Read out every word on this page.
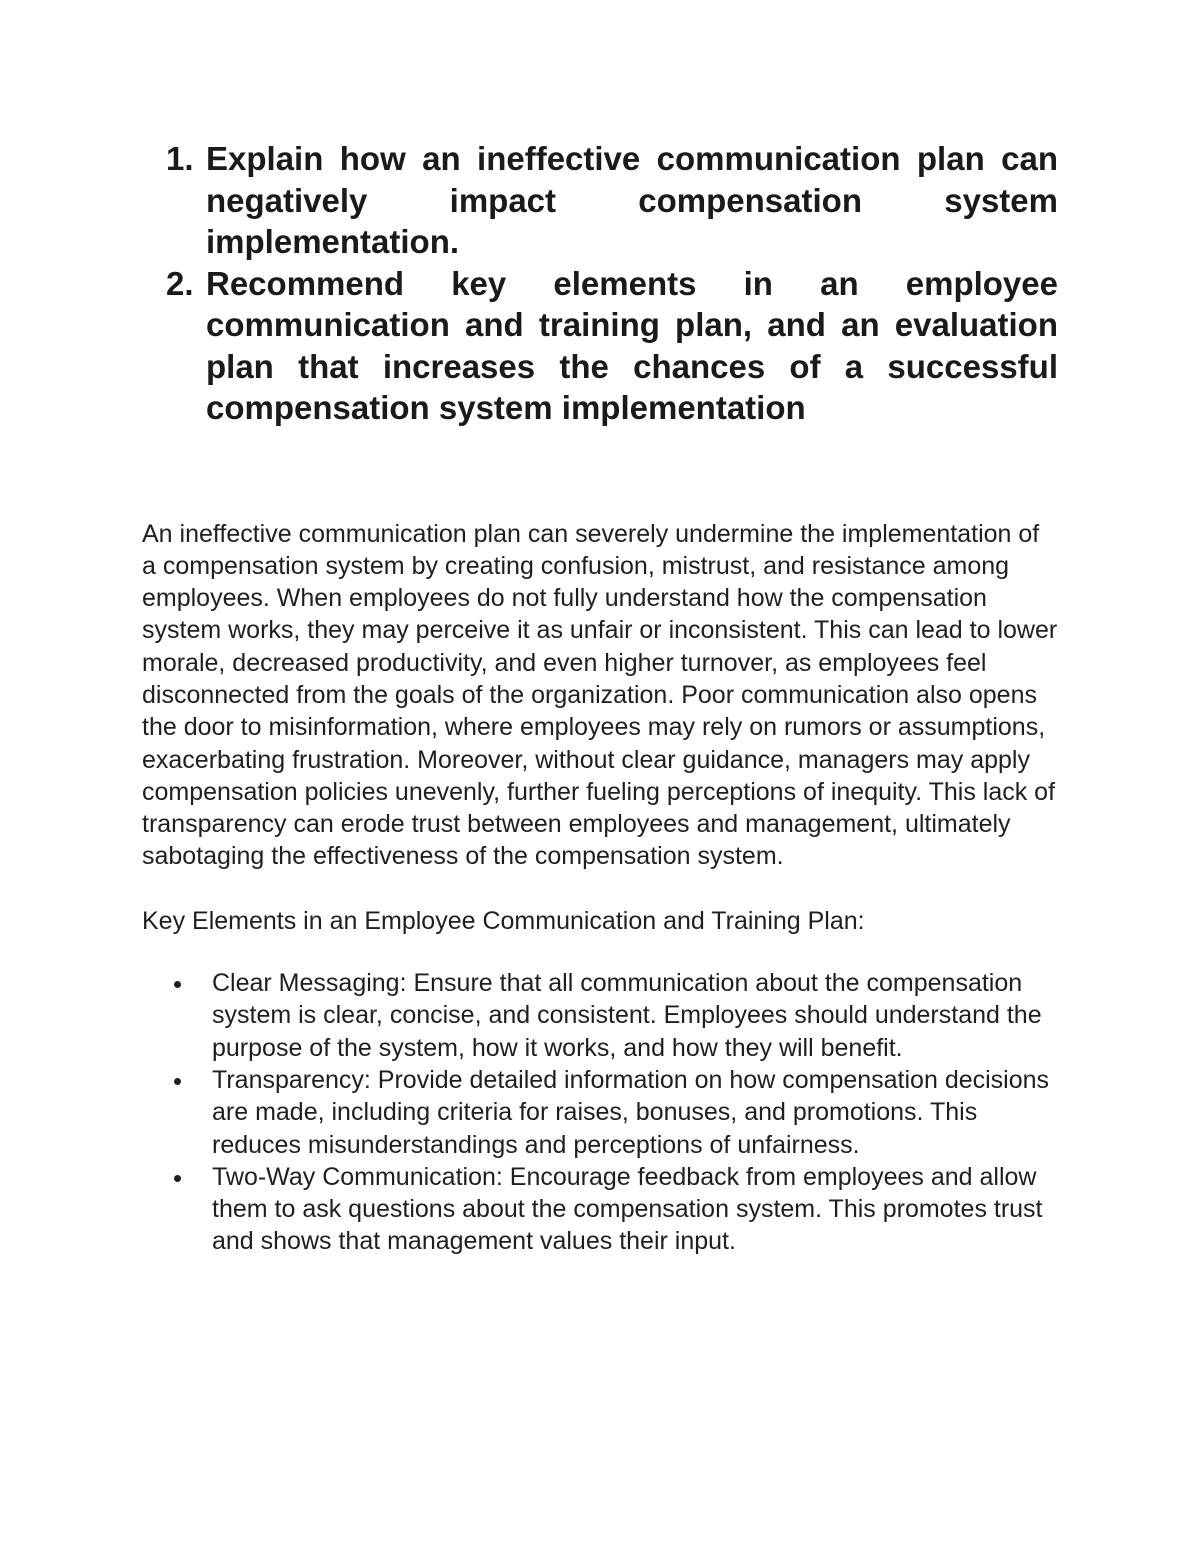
1. Explain how an ineffective communication plan can negatively impact compensation system implementation.
2. Recommend key elements in an employee communication and training plan, and an evaluation plan that increases the chances of a successful compensation system implementation

An ineffective communication plan can severely undermine the implementation of a compensation system by creating confusion, mistrust, and resistance among employees. When employees do not fully understand how the compensation system works, they may perceive it as unfair or inconsistent. This can lead to lower morale, decreased productivity, and even higher turnover, as employees feel disconnected from the goals of the organization. Poor communication also opens the door to misinformation, where employees may rely on rumors or assumptions, exacerbating frustration. Moreover, without clear guidance, managers may apply compensation policies unevenly, further fueling perceptions of inequity. This lack of transparency can erode trust between employees and management, ultimately sabotaging the effectiveness of the compensation system.

Key Elements in an Employee Communication and Training Plan:

Clear Messaging: Ensure that all communication about the compensation system is clear, concise, and consistent. Employees should understand the purpose of the system, how it works, and how they will benefit.
Transparency: Provide detailed information on how compensation decisions are made, including criteria for raises, bonuses, and promotions. This reduces misunderstandings and perceptions of unfairness.
Two-Way Communication: Encourage feedback from employees and allow them to ask questions about the compensation system. This promotes trust and shows that management values their input.
